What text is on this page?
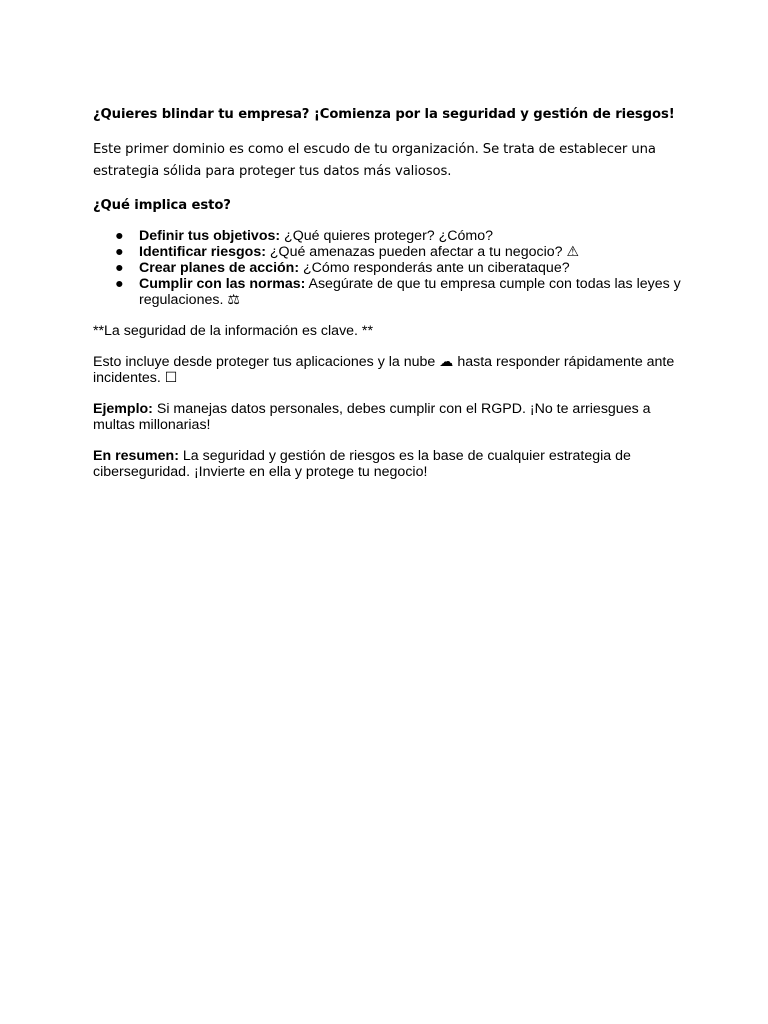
¿Quieres blindar tu empresa? ¡Comienza por la seguridad y gestión de riesgos!

Este primer dominio es como el escudo de tu organización. Se trata de establecer una estrategia sólida para proteger tus datos más valiosos.

¿Qué implica esto?

● Definir tus objetivos: ¿Qué quieres proteger? ¿Cómo?
● Identificar riesgos: ¿Qué amenazas pueden afectar a tu negocio? ⚠
● Crear planes de acción: ¿Cómo responderás ante un ciberataque?
● Cumplir con las normas: Asegúrate de que tu empresa cumple con todas las leyes y regulaciones. ⚖

**La seguridad de la información es clave. **

Esto incluye desde proteger tus aplicaciones y la nube ☁ hasta responder rápidamente ante incidentes. ☐

Ejemplo: Si manejas datos personales, debes cumplir con el RGPD. ¡No te arriesgues a multas millonarias!

En resumen: La seguridad y gestión de riesgos es la base de cualquier estrategia de ciberseguridad. ¡Invierte en ella y protege tu negocio!
